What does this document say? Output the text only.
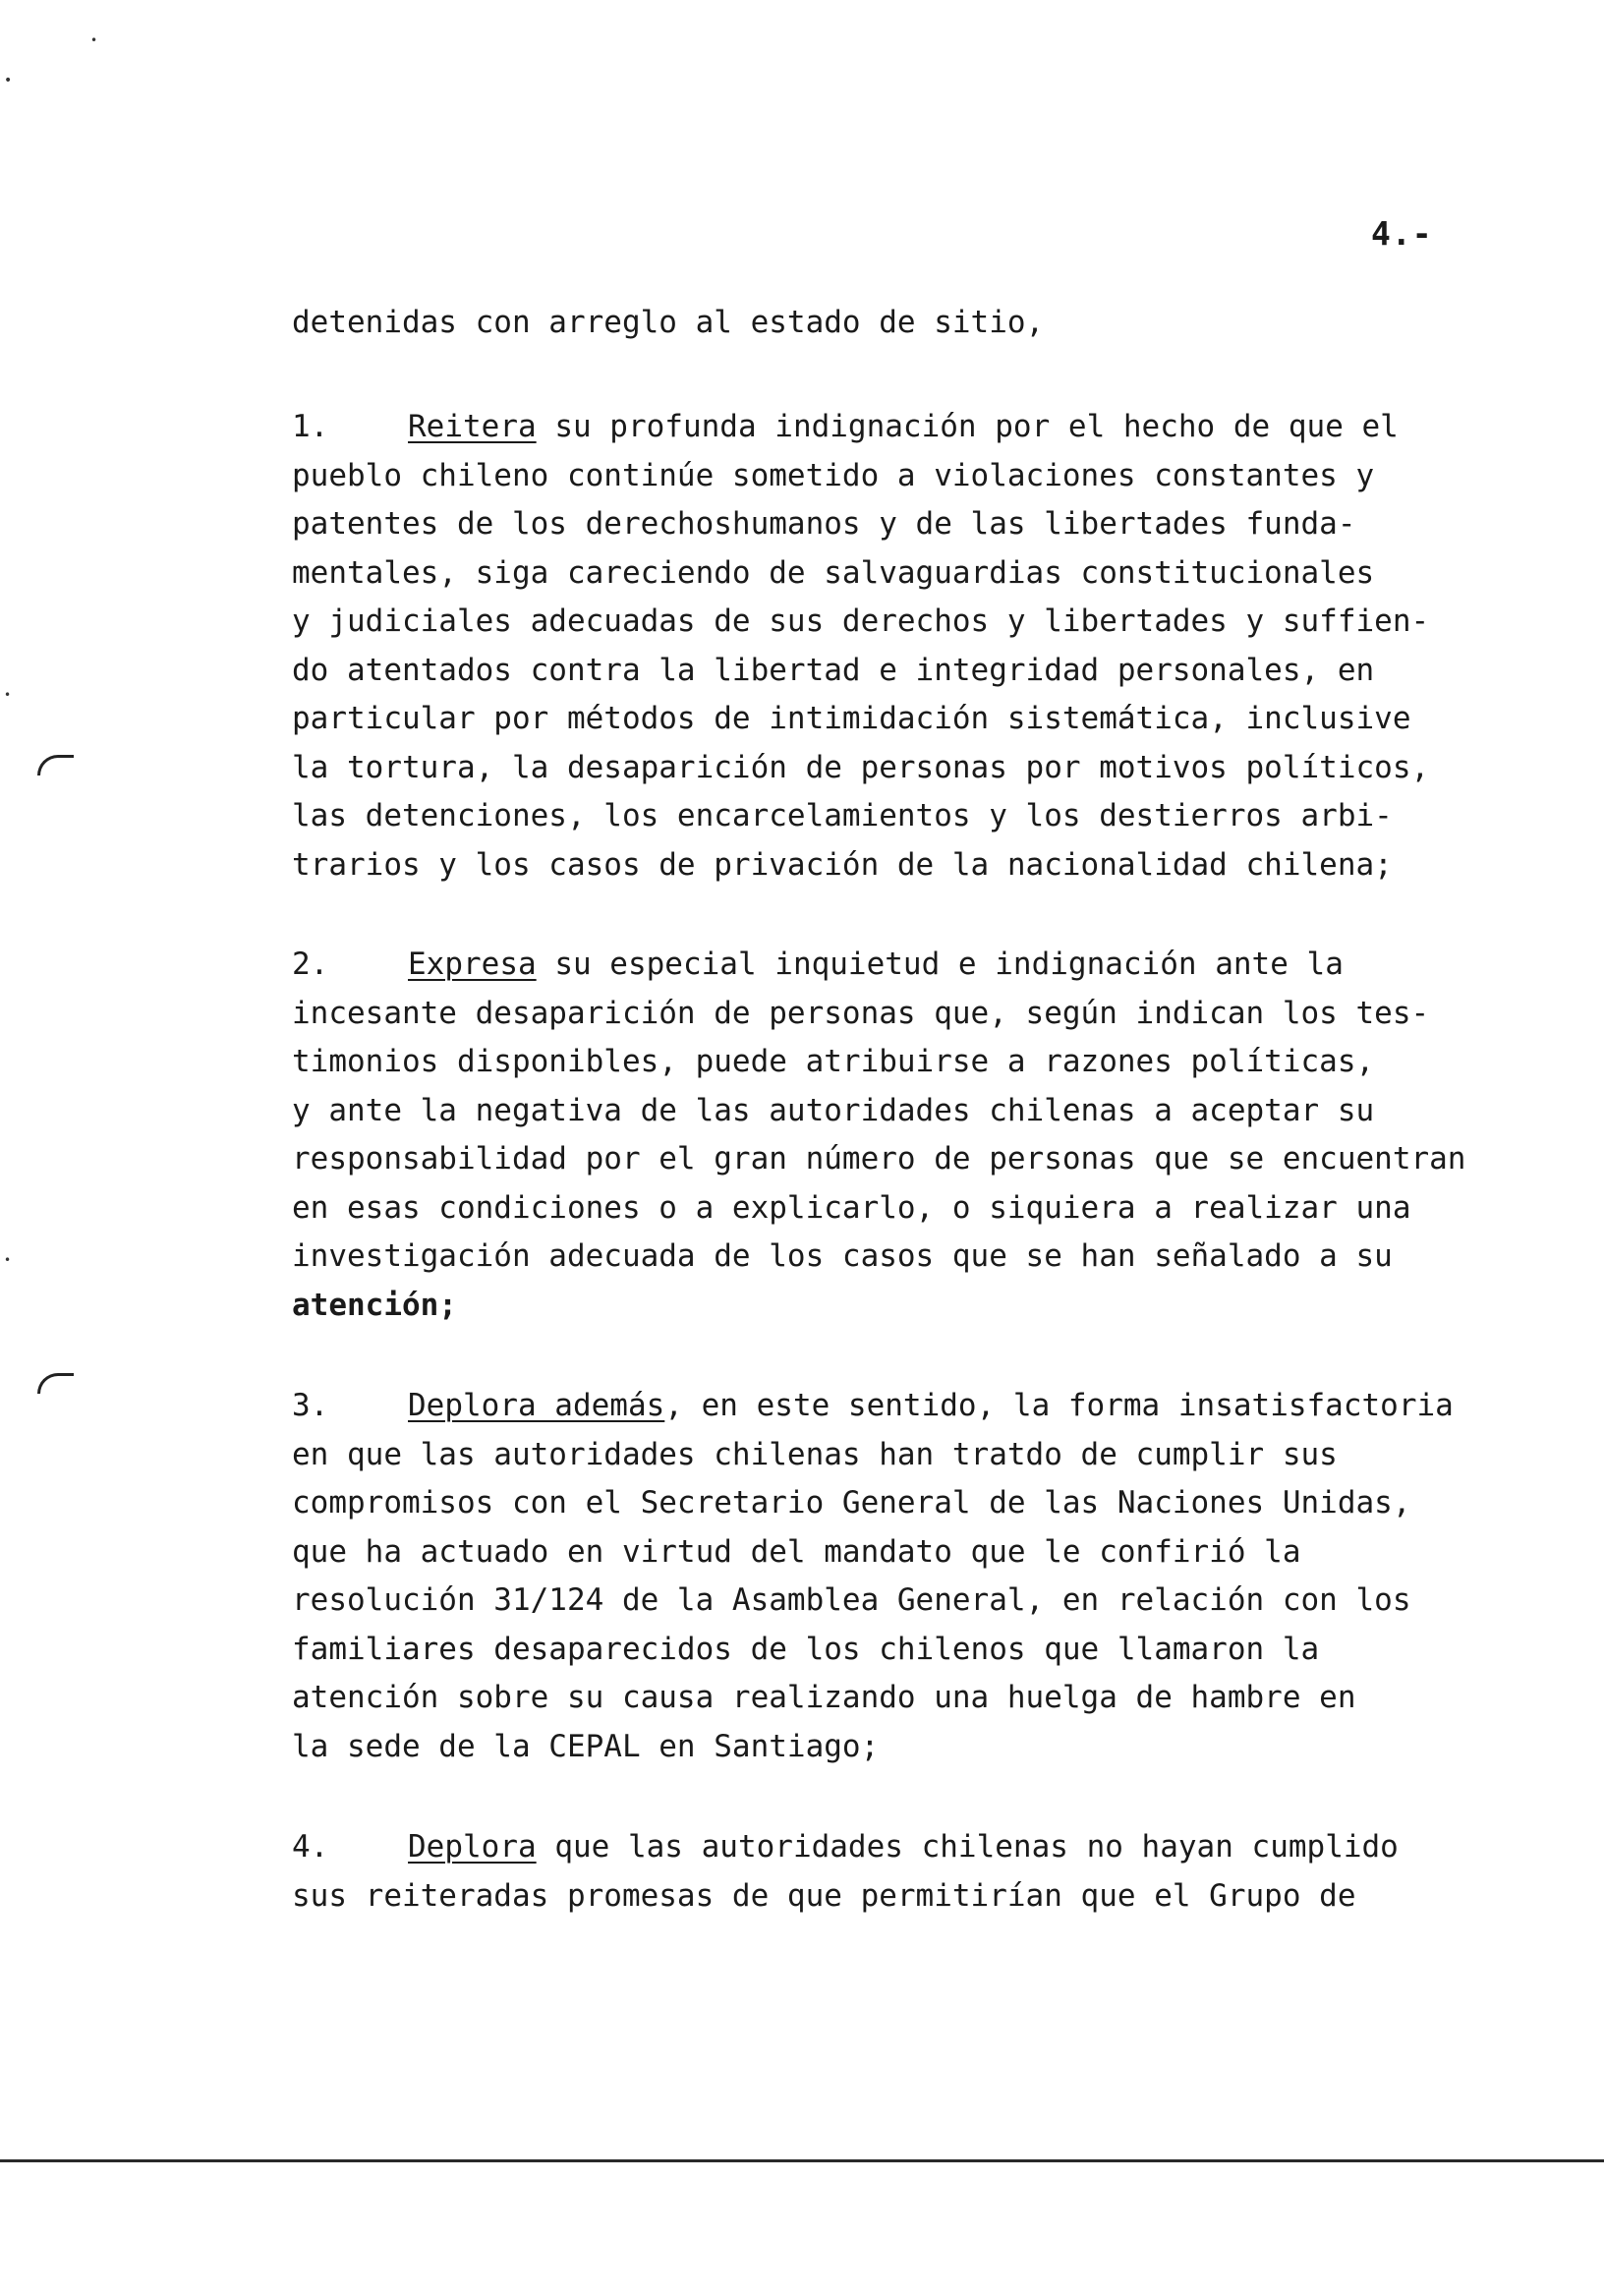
•
•
•
•
4.-
detenidas con arreglo al estado de sitio,
1.	Reitera su profunda indignación por el hecho de que el
pueblo chileno continúe sometido a violaciones constantes y
patentes de los derechoshumanos y de las libertades funda-
mentales, siga careciendo de salvaguardias constitucionales
y judiciales adecuadas de sus derechos y libertades y suffien-
do atentados contra la libertad e integridad personales, en
particular por métodos de intimidación sistemática, inclusive
la tortura, la desaparición de personas por motivos políticos,
las detenciones, los encarcelamientos y los destierros arbi-
trarios y los casos de privación de la nacionalidad chilena;
2.	Expresa su especial inquietud e indignación ante la
incesante desaparición de personas que, según indican los tes-
timonios disponibles, puede atribuirse a razones políticas,
y ante la negativa de las autoridades chilenas a aceptar su
responsabilidad por el gran número de personas que se encuentran
en esas condiciones o a explicarlo, o siquiera a realizar una
investigación adecuada de los casos que se han señalado a su
atención;
3.	Deplora además, en este sentido, la forma insatisfactoria
en que las autoridades chilenas han tratdo de cumplir sus
compromisos con el Secretario General de las Naciones Unidas,
que ha actuado en virtud del mandato que le confirió la
resolución 31/124 de la Asamblea General, en relación con los
familiares desaparecidos de los chilenos que llamaron la
atención sobre su causa realizando una huelga de hambre en
la sede de la CEPAL en Santiago;
4.	Deplora que las autoridades chilenas no hayan cumplido
sus reiteradas promesas de que permitirían que el Grupo de
